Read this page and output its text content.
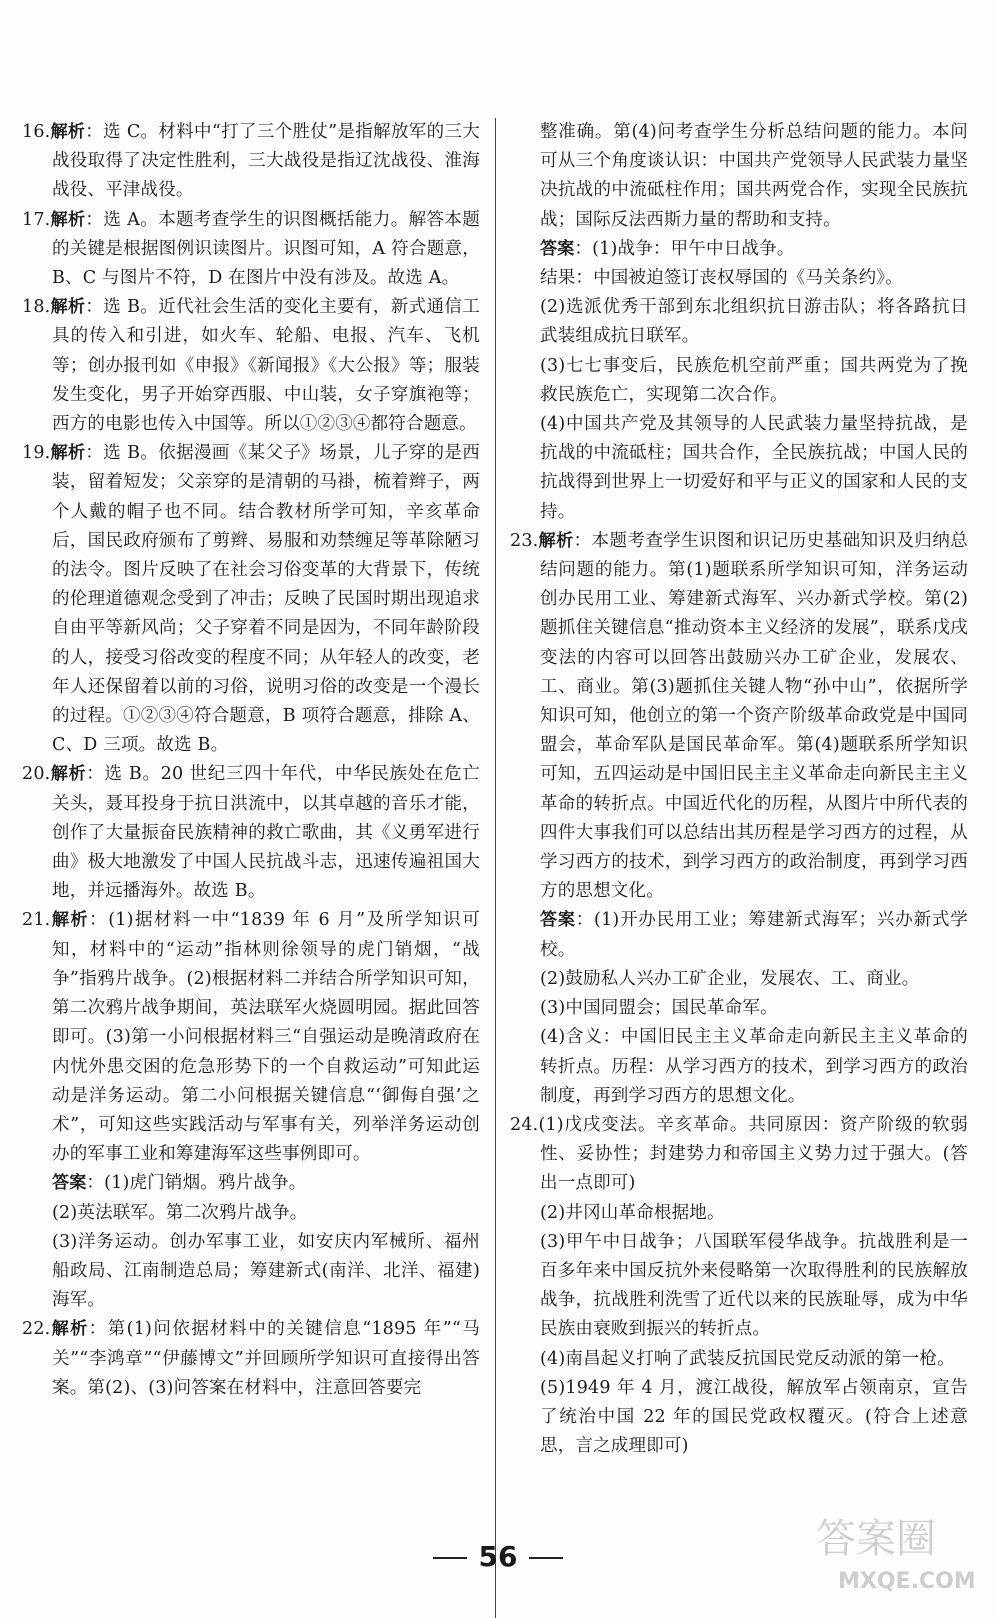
16.解析：选 C。材料中“打了三个胜仗”是指解放军的三大战役取得了决定性胜利，三大战役是指辽沈战役、淮海战役、平津战役。

17.解析：选 A。本题考查学生的识图概括能力。解答本题的关键是根据图例识读图片。识图可知，A 符合题意，B、C 与图片不符，D 在图片中没有涉及。故选 A。

18.解析：选 B。近代社会生活的变化主要有，新式通信工具的传入和引进，如火车、轮船、电报、汽车、飞机等；创办报刊如《申报》《新闻报》《大公报》等；服装发生变化，男子开始穿西服、中山装，女子穿旗袍等；西方的电影也传入中国等。所以①②③④都符合题意。

19.解析：选 B。依据漫画《某父子》场景，儿子穿的是西装，留着短发；父亲穿的是清朝的马褂，梳着辫子，两个人戴的帽子也不同。结合教材所学可知，辛亥革命后，国民政府颁布了剪辫、易服和劝禁缠足等革除陋习的法令。图片反映了在社会习俗变革的大背景下，传统的伦理道德观念受到了冲击；反映了民国时期出现追求自由平等新风尚；父子穿着不同是因为，不同年龄阶段的人，接受习俗改变的程度不同；从年轻人的改变，老年人还保留着以前的习俗，说明习俗的改变是一个漫长的过程。①②③④符合题意，B 项符合题意，排除 A、C、D 三项。故选 B。

20.解析：选 B。20 世纪三四十年代，中华民族处在危亡关头，聂耳投身于抗日洪流中，以其卓越的音乐才能，创作了大量振奋民族精神的救亡歌曲，其《义勇军进行曲》极大地激发了中国人民抗战斗志，迅速传遍祖国大地，并远播海外。故选 B。

21.解析：(1)据材料一中“1839 年 6 月”及所学知识可知，材料中的“运动”指林则徐领导的虎门销烟，“战争”指鸦片战争。(2)根据材料二并结合所学知识可知，第二次鸦片战争期间，英法联军火烧圆明园。据此回答即可。(3)第一小问根据材料三“自强运动是晚清政府在内忧外患交困的危急形势下的一个自救运动”可知此运动是洋务运动。第二小问根据关键信息“‘御侮自强’之术”，可知这些实践活动与军事有关，列举洋务运动创办的军事工业和筹建海军这些事例即可。

答案：(1)虎门销烟。鸦片战争。

(2)英法联军。第二次鸦片战争。

(3)洋务运动。创办军事工业，如安庆内军械所、福州船政局、江南制造总局；筹建新式(南洋、北洋、福建)海军。

22.解析：第(1)问依据材料中的关键信息“1895 年”“马关”“李鸿章”“伊藤博文”并回顾所学知识可直接得出答案。第(2)、(3)问答案在材料中，注意回答要完

整准确。第(4)问考查学生分析总结问题的能力。本问可从三个角度谈认识：中国共产党领导人民武装力量坚决抗战的中流砥柱作用；国共两党合作，实现全民族抗战；国际反法西斯力量的帮助和支持。

答案：(1)战争：甲午中日战争。

结果：中国被迫签订丧权辱国的《马关条约》。

(2)选派优秀干部到东北组织抗日游击队；将各路抗日武装组成抗日联军。

(3)七七事变后，民族危机空前严重；国共两党为了挽救民族危亡，实现第二次合作。

(4)中国共产党及其领导的人民武装力量坚持抗战，是抗战的中流砥柱；国共合作，全民族抗战；中国人民的抗战得到世界上一切爱好和平与正义的国家和人民的支持。

23.解析：本题考查学生识图和识记历史基础知识及归纳总结问题的能力。第(1)题联系所学知识可知，洋务运动创办民用工业、筹建新式海军、兴办新式学校。第(2)题抓住关键信息“推动资本主义经济的发展”，联系戊戌变法的内容可以回答出鼓励兴办工矿企业，发展农、工、商业。第(3)题抓住关键人物“孙中山”，依据所学知识可知，他创立的第一个资产阶级革命政党是中国同盟会，革命军队是国民革命军。第(4)题联系所学知识可知，五四运动是中国旧民主主义革命走向新民主主义革命的转折点。中国近代化的历程，从图片中所代表的四件大事我们可以总结出其历程是学习西方的过程，从学习西方的技术，到学习西方的政治制度，再到学习西方的思想文化。

答案：(1)开办民用工业；筹建新式海军；兴办新式学校。

(2)鼓励私人兴办工矿企业，发展农、工、商业。

(3)中国同盟会；国民革命军。

(4)含义：中国旧民主主义革命走向新民主主义革命的转折点。历程：从学习西方的技术，到学习西方的政治制度，再到学习西方的思想文化。

24.(1)戊戌变法。辛亥革命。共同原因：资产阶级的软弱性、妥协性；封建势力和帝国主义势力过于强大。(答出一点即可)

(2)井冈山革命根据地。

(3)甲午中日战争；八国联军侵华战争。抗战胜利是一百多年来中国反抗外来侵略第一次取得胜利的民族解放战争，抗战胜利洗雪了近代以来的民族耻辱，成为中华民族由衰败到振兴的转折点。

(4)南昌起义打响了武装反抗国民党反动派的第一枪。

(5)1949 年 4 月，渡江战役，解放军占领南京，宣告了统治中国 22 年的国民党政权覆灭。(符合上述意思，言之成理即可)

56	答案圈
MXQE.COM
